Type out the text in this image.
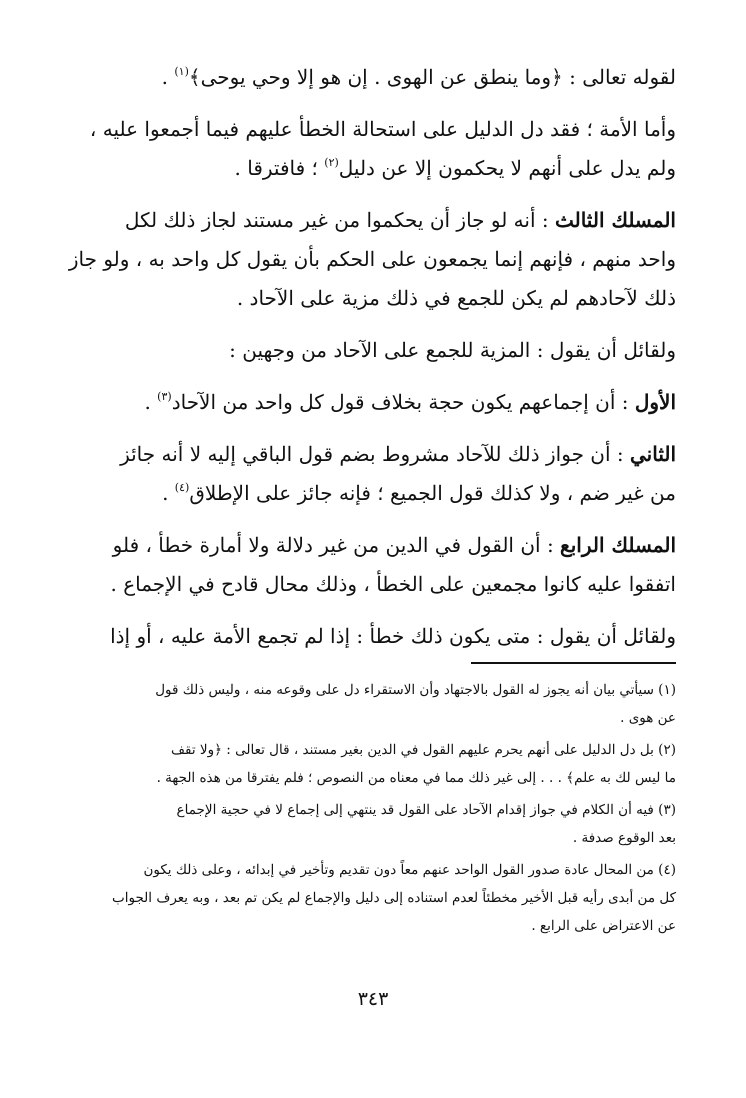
لقوله تعالى : ﴿وما ينطق عن الهوى . إن هو إلا وحي يوحى﴾$^{(١)}$ .

وأما الأمة ؛ فقد دل الدليل على استحالة الخطأ عليهم فيما أجمعوا عليه ،
ولم يدل على أنهم لا يحكمون إلا عن دليل$^{(٢)}$ ؛ فافترقا .

المسلك الثالث : أنه لو جاز أن يحكموا من غير مستند لجاز ذلك لكل
واحد منهم ، فإنهم إنما يجمعون على الحكم بأن يقول كل واحد به ، ولو جاز
ذلك لآحادهم لم يكن للجمع في ذلك مزية على الآحاد .

ولقائل أن يقول : المزية للجمع على الآحاد من وجهين :

الأول : أن إجماعهم يكون حجة بخلاف قول كل واحد من الآحاد$^{(٣)}$ .

الثاني : أن جواز ذلك للآحاد مشروط بضم قول الباقي إليه لا أنه جائز
من غير ضم ، ولا كذلك قول الجميع ؛ فإنه جائز على الإطلاق$^{(٤)}$ .

المسلك الرابع : أن القول في الدين من غير دلالة ولا أمارة خطأ ، فلو
اتفقوا عليه كانوا مجمعين على الخطأ ، وذلك محال قادح في الإجماع .

ولقائل أن يقول : متى يكون ذلك خطأ : إذا لم تجمع الأمة عليه ، أو إذا

(١) سيأتي بيان أنه يجوز له القول بالاجتهاد وأن الاستقراء دل على وقوعه منه ، وليس ذلك قول
عن هوى .

(٢) بل دل الدليل على أنهم يحرم عليهم القول في الدين بغير مستند ، قال تعالى : ﴿ولا تقف
ما ليس لك به علم﴾ . . . إلى غير ذلك مما في معناه من النصوص ؛ فلم يفترقا من هذه الجهة .

(٣) فيه أن الكلام في جواز إقدام الآحاد على القول قد ينتهي إلى إجماع لا في حجية الإجماع
بعد الوقوع صدفة .

(٤) من المحال عادة صدور القول الواحد عنهم معاً دون تقديم وتأخير في إبدائه ، وعلى ذلك يكون
كل من أبدى رأيه قبل الأخير مخطئاً لعدم استناده إلى دليل والإجماع لم يكن تم بعد ، وبه يعرف الجواب
عن الاعتراض على الرابع .

٣٤٣
